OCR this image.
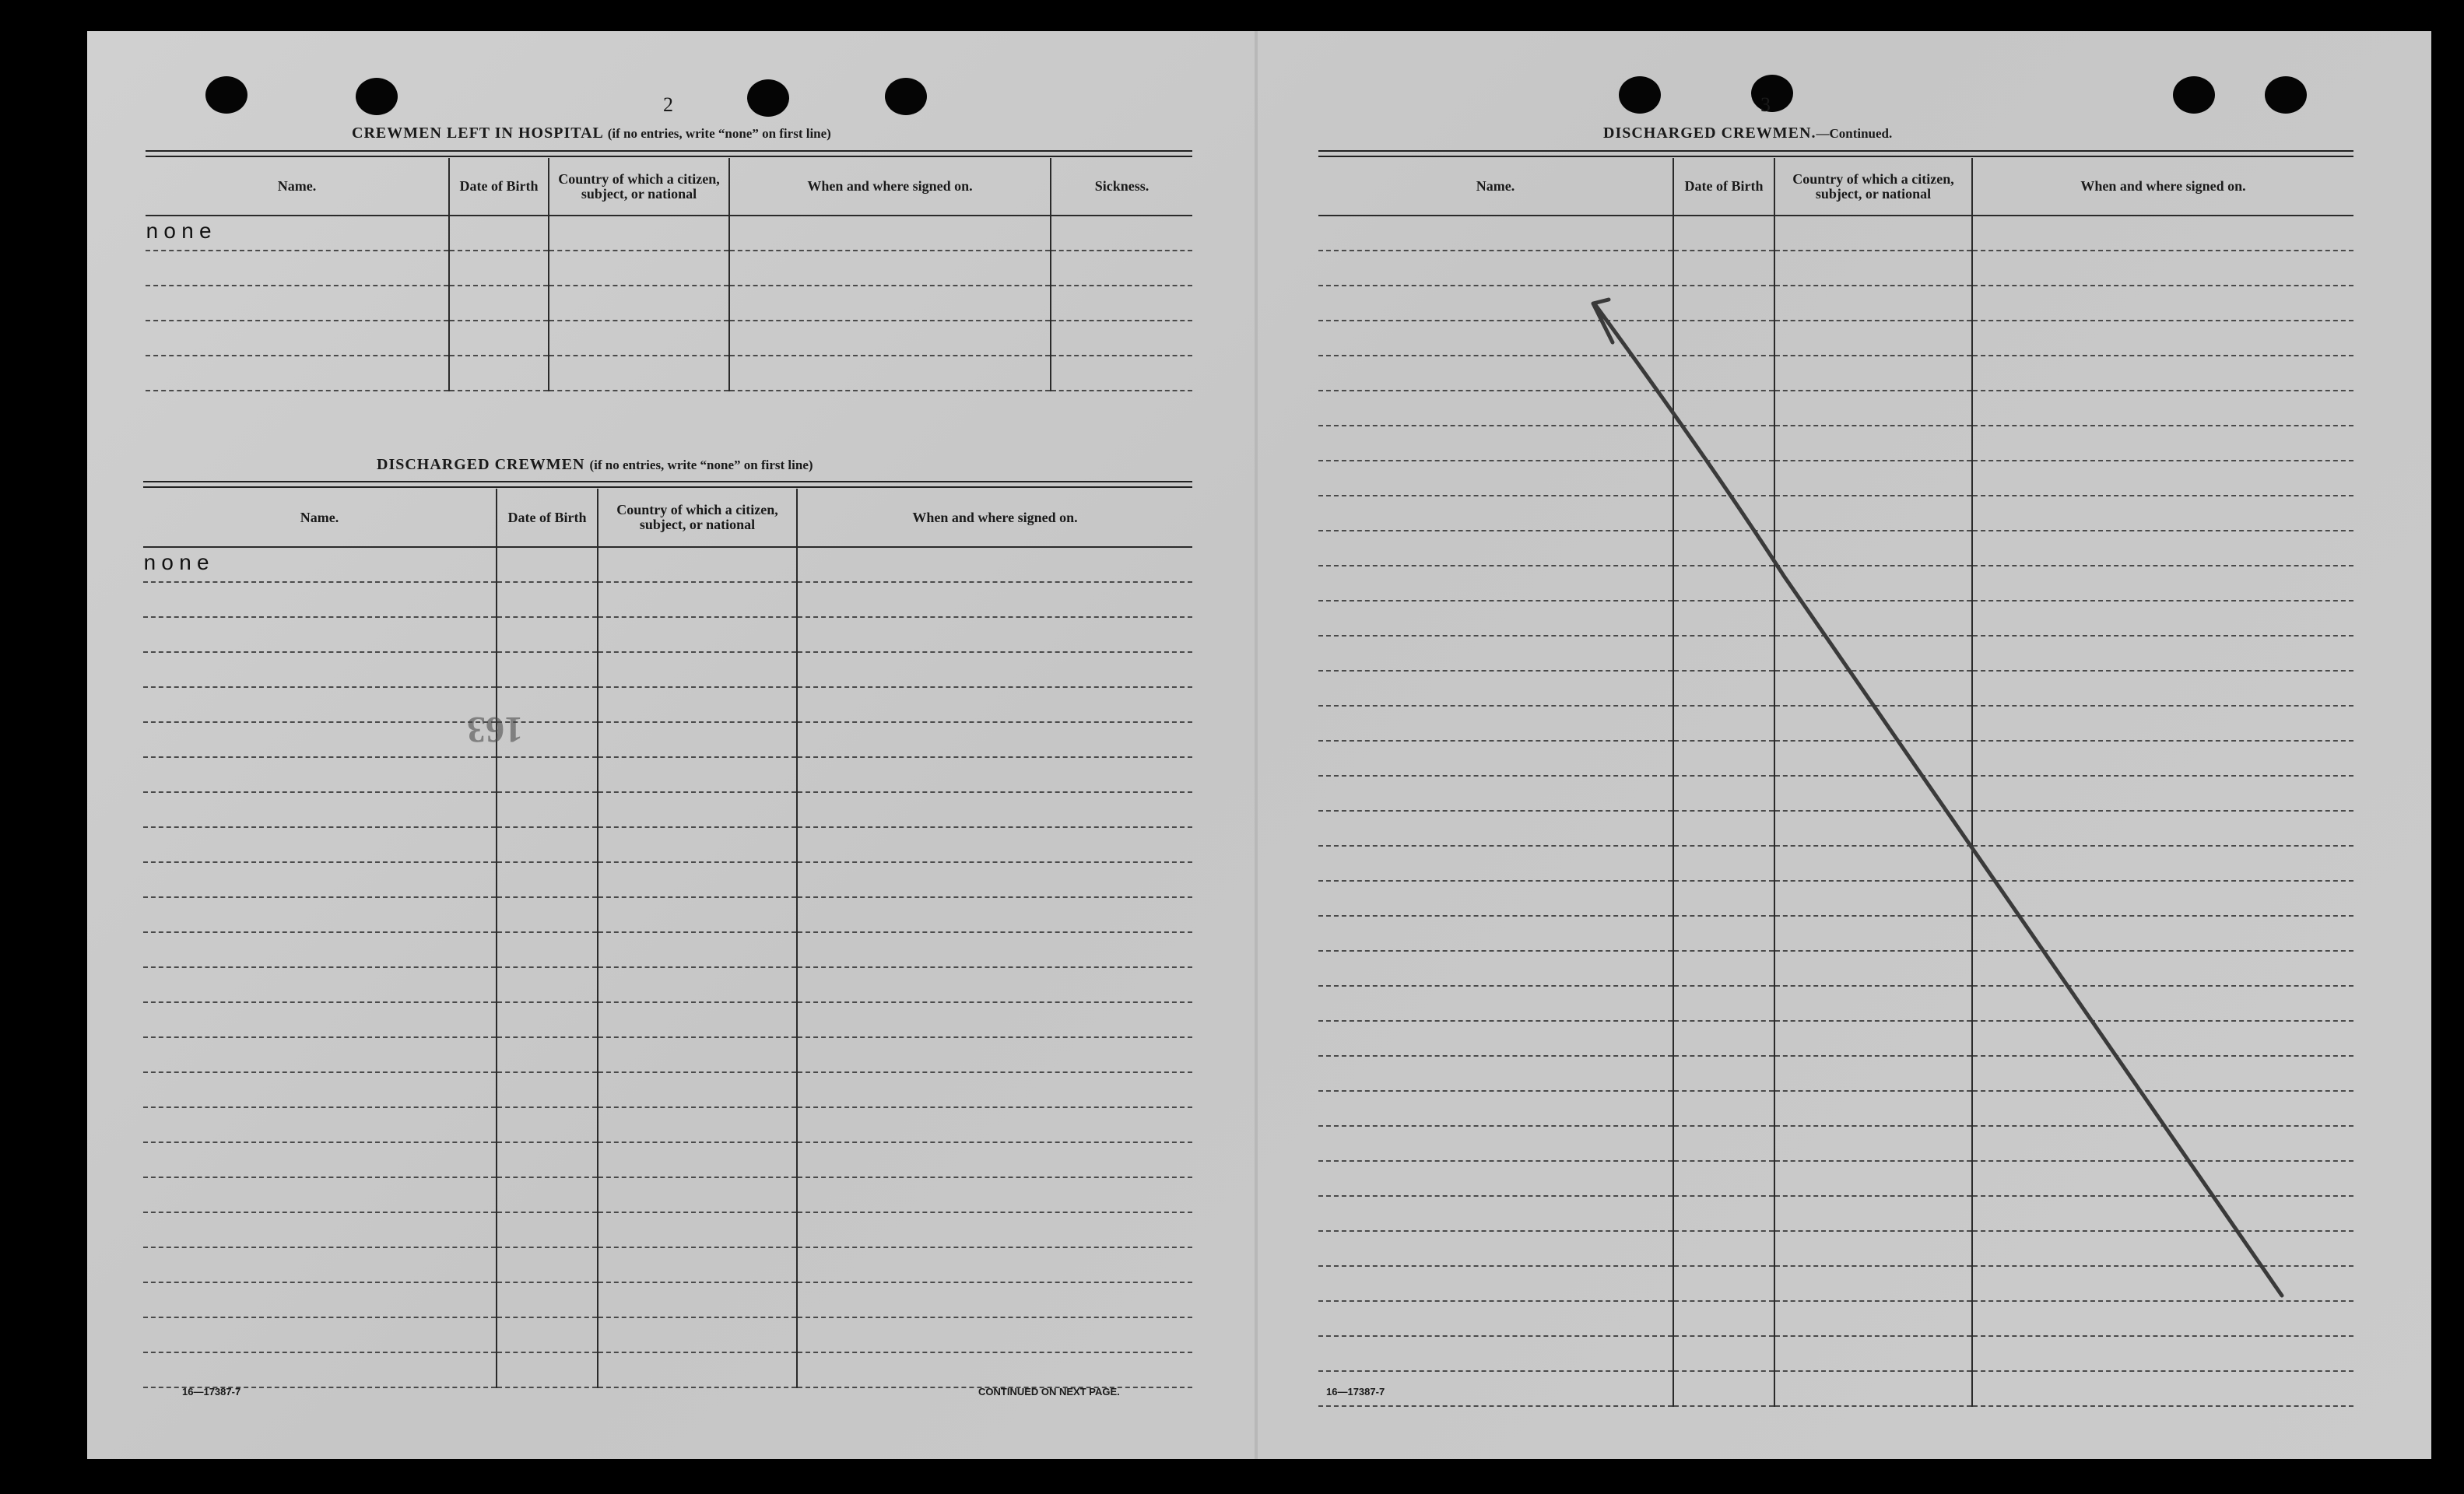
2
CREWMEN LEFT IN HOSPITAL (if no entries, write “none” on first line)
Name.	Date of Birth	Country of which a citizen, subject, or national	When and where signed on.	Sickness.
none				

DISCHARGED CREWMEN (if no entries, write “none” on first line)
Name.	Date of Birth	Country of which a citizen, subject, or national	When and where signed on.
none			

163
16—17387-7	CONTINUED ON NEXT PAGE.
3
DISCHARGED CREWMEN.—Continued.
Name.	Date of Birth	Country of which a citizen, subject, or national	When and where signed on.

16—17387-7
